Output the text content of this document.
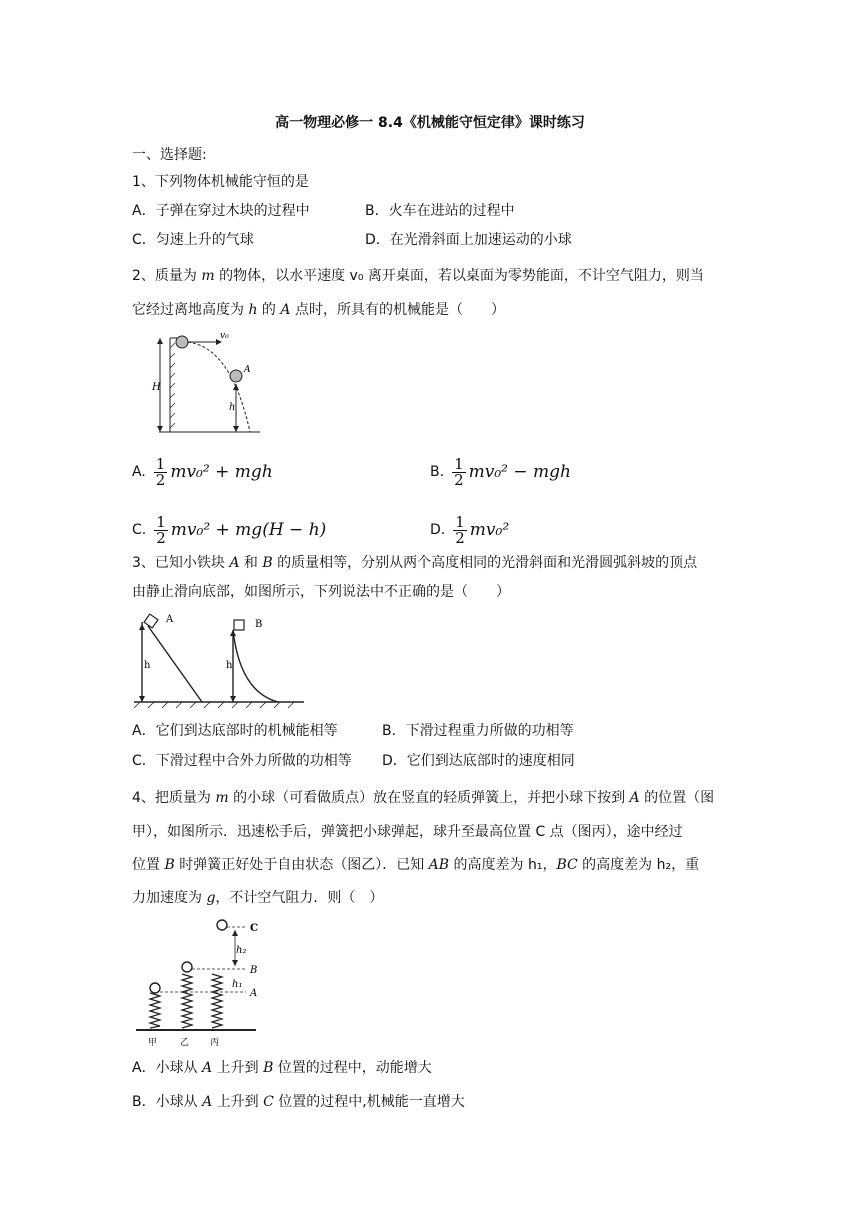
高一物理必修一 8.4《机械能守恒定律》课时练习
一、选择题:
1、下列物体机械能守恒的是
A．子弹在穿过木块的过程中	B．火车在进站的过程中
C．匀速上升的气球	D．在光滑斜面上加速运动的小球
2、质量为 m 的物体，以水平速度 v₀ 离开桌面，若以桌面为零势能面，不计空气阻力，则当
它经过离地高度为 h 的 A 点时，所具有的机械能是（　　）
v₀
A
H
h
A. $\frac{1}{2} mv_0^2$ + mgh	B. $\frac{1}{2} mv_0^2$ − mgh
C. $\frac{1}{2} mv_0^2 + mg(H - h)$	D. $\frac{1}{2} mv_0^2$
3、已知小铁块 A 和 B 的质量相等，分别从两个高度相同的光滑斜面和光滑圆弧斜坡的顶点
由静止滑向底部，如图所示，下列说法中不正确的是（　　）
A	B
h	h
A．它们到达底部时的机械能相等	B．下滑过程重力所做的功相等
C．下滑过程中合外力所做的功相等 D．它们到达底部时的速度相同
4、把质量为 m 的小球（可看做质点）放在竖直的轻质弹簧上，并把小球下按到 A 的位置（图
甲），如图所示．迅速松手后，弹簧把小球弹起，球升至最高位置 C 点（图丙），途中经过
位置 B 时弹簧正好处于自由状态（图乙）．已知 AB 的高度差为 h₁，BC 的高度差为 h₂，重
力加速度为 g，不计空气阻力．则（　）
C
B
A
h₂
h₁
甲	乙 丙
A．小球从 A 上升到 B 位置的过程中，动能增大
B．小球从 A 上升到 C 位置的过程中,机械能一直增大
